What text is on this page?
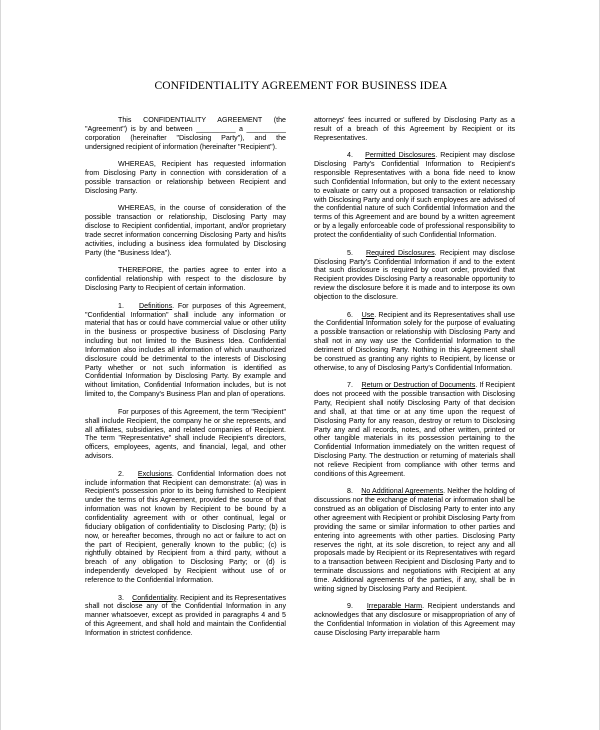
CONFIDENTIALITY AGREEMENT FOR BUSINESS IDEA

This CONFIDENTIALITY AGREEMENT (the "Agreement") is by and between __________ a __________ corporation (hereinafter "Disclosing Party"), and the undersigned recipient of information (hereinafter "Recipient").

WHEREAS, Recipient has requested information from Disclosing Party in connection with consideration of a possible transaction or relationship between Recipient and Disclosing Party.

WHEREAS, in the course of consideration of the possible transaction or relationship, Disclosing Party may disclose to Recipient confidential, important, and/or proprietary trade secret information concerning Disclosing Party and his/its activities, including a business idea formulated by Disclosing Party (the "Business Idea").

THEREFORE, the parties agree to enter into a confidential relationship with respect to the disclosure by Disclosing Party to Recipient of certain information.

1. Definitions. For purposes of this Agreement, "Confidential Information" shall include any information or material that has or could have commercial value or other utility in the business or prospective business of Disclosing Party including but not limited to the Business Idea. Confidential Information also includes all information of which unauthorized disclosure could be detrimental to the interests of Disclosing Party whether or not such information is identified as Confidential Information by Disclosing Party. By example and without limitation, Confidential Information includes, but is not limited to, the Company's Business Plan and plan of operations.

For purposes of this Agreement, the term "Recipient" shall include Recipient, the company he or she represents, and all affiliates, subsidiaries, and related companies of Recipient. The term "Representative" shall include Recipient's directors, officers, employees, agents, and financial, legal, and other advisors.

2. Exclusions. Confidential Information does not include information that Recipient can demonstrate: (a) was in Recipient's possession prior to its being furnished to Recipient under the terms of this Agreement, provided the source of that information was not known by Recipient to be bound by a confidentiality agreement with or other continual, legal or fiduciary obligation of confidentiality to Disclosing Party; (b) is now, or hereafter becomes, through no act or failure to act on the part of Recipient, generally known to the public; (c) is rightfully obtained by Recipient from a third party, without a breach of any obligation to Disclosing Party; or (d) is independently developed by Recipient without use of or reference to the Confidential Information.

3. Confidentiality. Recipient and its Representatives shall not disclose any of the Confidential Information in any manner whatsoever, except as provided in paragraphs 4 and 5 of this Agreement, and shall hold and maintain the Confidential Information in strictest confidence.

attorneys' fees incurred or suffered by Disclosing Party as a result of a breach of this Agreement by Recipient or its Representatives.

4. Permitted Disclosures. Recipient may disclose Disclosing Party's Confidential Information to Recipient's responsible Representatives with a bona fide need to know such Confidential Information, but only to the extent necessary to evaluate or carry out a proposed transaction or relationship with Disclosing Party and only if such employees are advised of the confidential nature of such Confidential Information and the terms of this Agreement and are bound by a written agreement or by a legally enforceable code of professional responsibility to protect the confidentiality of such Confidential Information.

5. Required Disclosures. Recipient may disclose Disclosing Party's Confidential Information if and to the extent that such disclosure is required by court order, provided that Recipient provides Disclosing Party a reasonable opportunity to review the disclosure before it is made and to interpose its own objection to the disclosure.

6. Use. Recipient and its Representatives shall use the Confidential Information solely for the purpose of evaluating a possible transaction or relationship with Disclosing Party and shall not in any way use the Confidential Information to the detriment of Disclosing Party. Nothing in this Agreement shall be construed as granting any rights to Recipient, by license or otherwise, to any of Disclosing Party's Confidential Information.

7. Return or Destruction of Documents. If Recipient does not proceed with the possible transaction with Disclosing Party, Recipient shall notify Disclosing Party of that decision and shall, at that time or at any time upon the request of Disclosing Party for any reason, destroy or return to Disclosing Party any and all records, notes, and other written, printed or other tangible materials in its possession pertaining to the Confidential Information immediately on the written request of Disclosing Party. The destruction or returning of materials shall not relieve Recipient from compliance with other terms and conditions of this Agreement.

8. No Additional Agreements. Neither the holding of discussions nor the exchange of material or information shall be construed as an obligation of Disclosing Party to enter into any other agreement with Recipient or prohibit Disclosing Party from providing the same or similar information to other parties and entering into agreements with other parties. Disclosing Party reserves the right, at its sole discretion, to reject any and all proposals made by Recipient or its Representatives with regard to a transaction between Recipient and Disclosing Party and to terminate discussions and negotiations with Recipient at any time. Additional agreements of the parties, if any, shall be in writing signed by Disclosing Party and Recipient.

9. Irreparable Harm. Recipient understands and acknowledges that any disclosure or misappropriation of any of the Confidential Information in violation of this Agreement may cause Disclosing Party irreparable harm
